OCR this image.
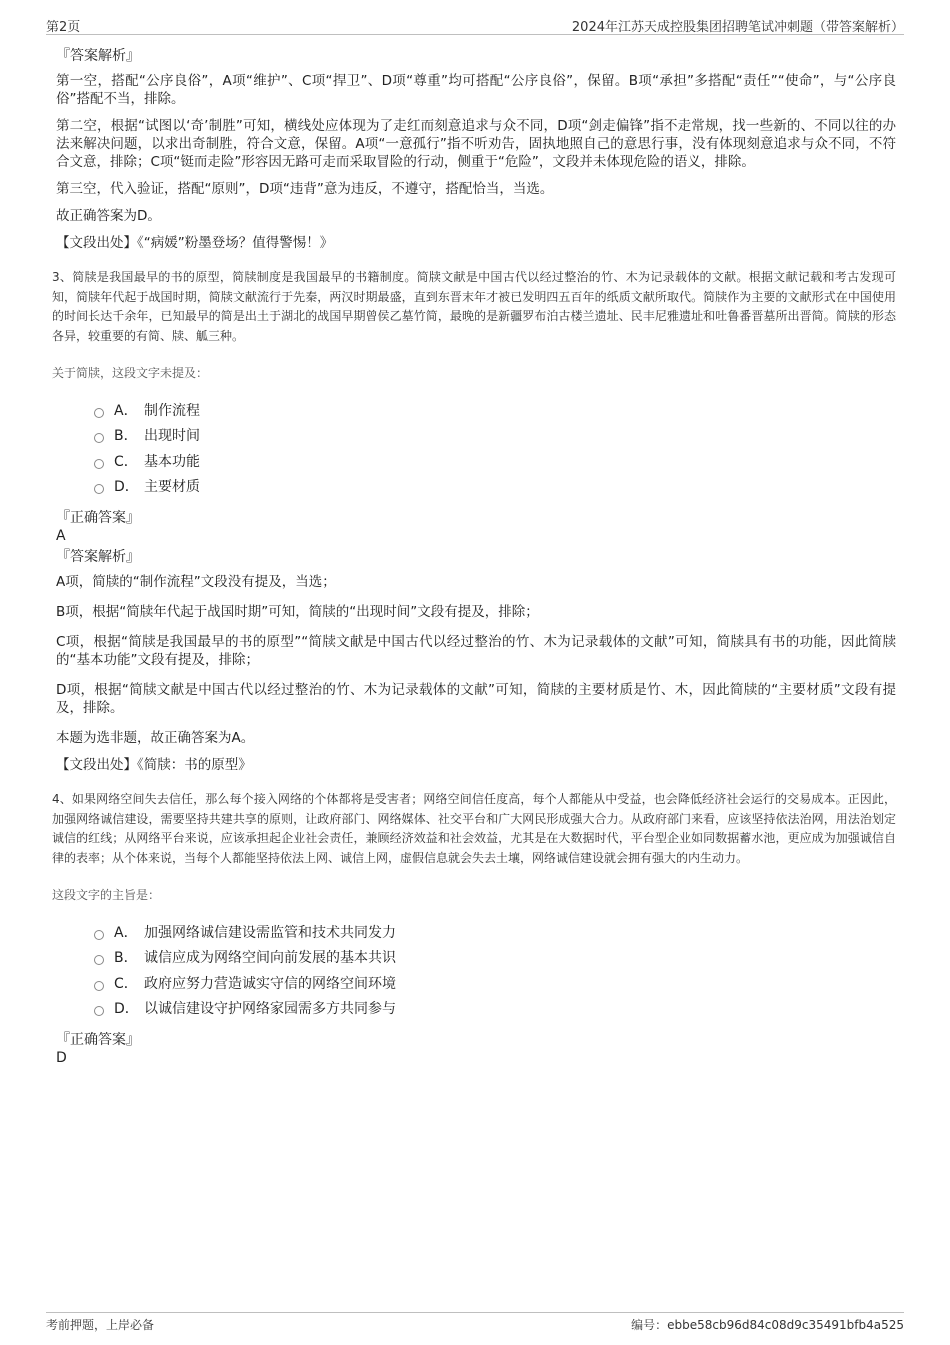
第2页	2024年江苏天成控股集团招聘笔试冲刺题（带答案解析）
『答案解析』

第一空，搭配“公序良俗”，A项“维护”、C项“捍卫”、D项“尊重”均可搭配“公序良俗”，保留。B项“承担”多搭配“责任”“使命”，与“公序良俗”搭配不当，排除。

第二空，根据“试图以‘奇’制胜”可知，横线处应体现为了走红而刻意追求与众不同，D项“剑走偏锋”指不走常规，找一些新的、不同以往的办法来解决问题，以求出奇制胜，符合文意，保留。A项“一意孤行”指不听劝告，固执地照自己的意思行事，没有体现刻意追求与众不同，不符合文意，排除；C项“铤而走险”形容因无路可走而采取冒险的行动，侧重于“危险”，文段并未体现危险的语义，排除。

第三空，代入验证，搭配“原则”，D项“违背”意为违反，不遵守，搭配恰当，当选。

故正确答案为D。

【文段出处】《“病媛”粉墨登场？值得警惕！》

3、简牍是我国最早的书的原型，简牍制度是我国最早的书籍制度。简牍文献是中国古代以经过整治的竹、木为记录载体的文献。根据文献记载和考古发现可知，简牍年代起于战国时期，简牍文献流行于先秦，两汉时期最盛，直到东晋末年才被已发明四五百年的纸质文献所取代。简牍作为主要的文献形式在中国使用的时间长达千余年，已知最早的简是出土于湖北的战国早期曾侯乙墓竹简，最晚的是新疆罗布泊古楼兰遗址、民丰尼雅遗址和吐鲁番晋墓所出晋简。简牍的形态各异，较重要的有简、牍、觚三种。

关于简牍，这段文字未提及：

A． 制作流程
B． 出现时间
C． 基本功能
D． 主要材质

『正确答案』

A

『答案解析』

A项，简牍的“制作流程”文段没有提及，当选；

B项，根据“简牍年代起于战国时期”可知，简牍的“出现时间”文段有提及，排除；

C项，根据“简牍是我国最早的书的原型”“简牍文献是中国古代以经过整治的竹、木为记录载体的文献”可知，简牍具有书的功能，因此简牍的“基本功能”文段有提及，排除；

D项，根据“简牍文献是中国古代以经过整治的竹、木为记录载体的文献”可知，简牍的主要材质是竹、木，因此简牍的“主要材质”文段有提及，排除。

本题为选非题，故正确答案为A。

【文段出处】《简牍：书的原型》

4、如果网络空间失去信任，那么每个接入网络的个体都将是受害者；网络空间信任度高，每个人都能从中受益，也会降低经济社会运行的交易成本。正因此，加强网络诚信建设，需要坚持共建共享的原则，让政府部门、网络媒体、社交平台和广大网民形成强大合力。从政府部门来看，应该坚持依法治网，用法治划定诚信的红线；从网络平台来说，应该承担起企业社会责任，兼顾经济效益和社会效益，尤其是在大数据时代，平台型企业如同数据蓄水池，更应成为加强诚信自律的表率；从个体来说，当每个人都能坚持依法上网、诚信上网，虚假信息就会失去土壤，网络诚信建设就会拥有强大的内生动力。

这段文字的主旨是：

A． 加强网络诚信建设需监管和技术共同发力
B． 诚信应成为网络空间向前发展的基本共识
C． 政府应努力营造诚实守信的网络空间环境
D． 以诚信建设守护网络家园需多方共同参与

『正确答案』

D

考前押题，上岸必备	编号：ebbe58cb96d84c08d9c35491bfb4a525
